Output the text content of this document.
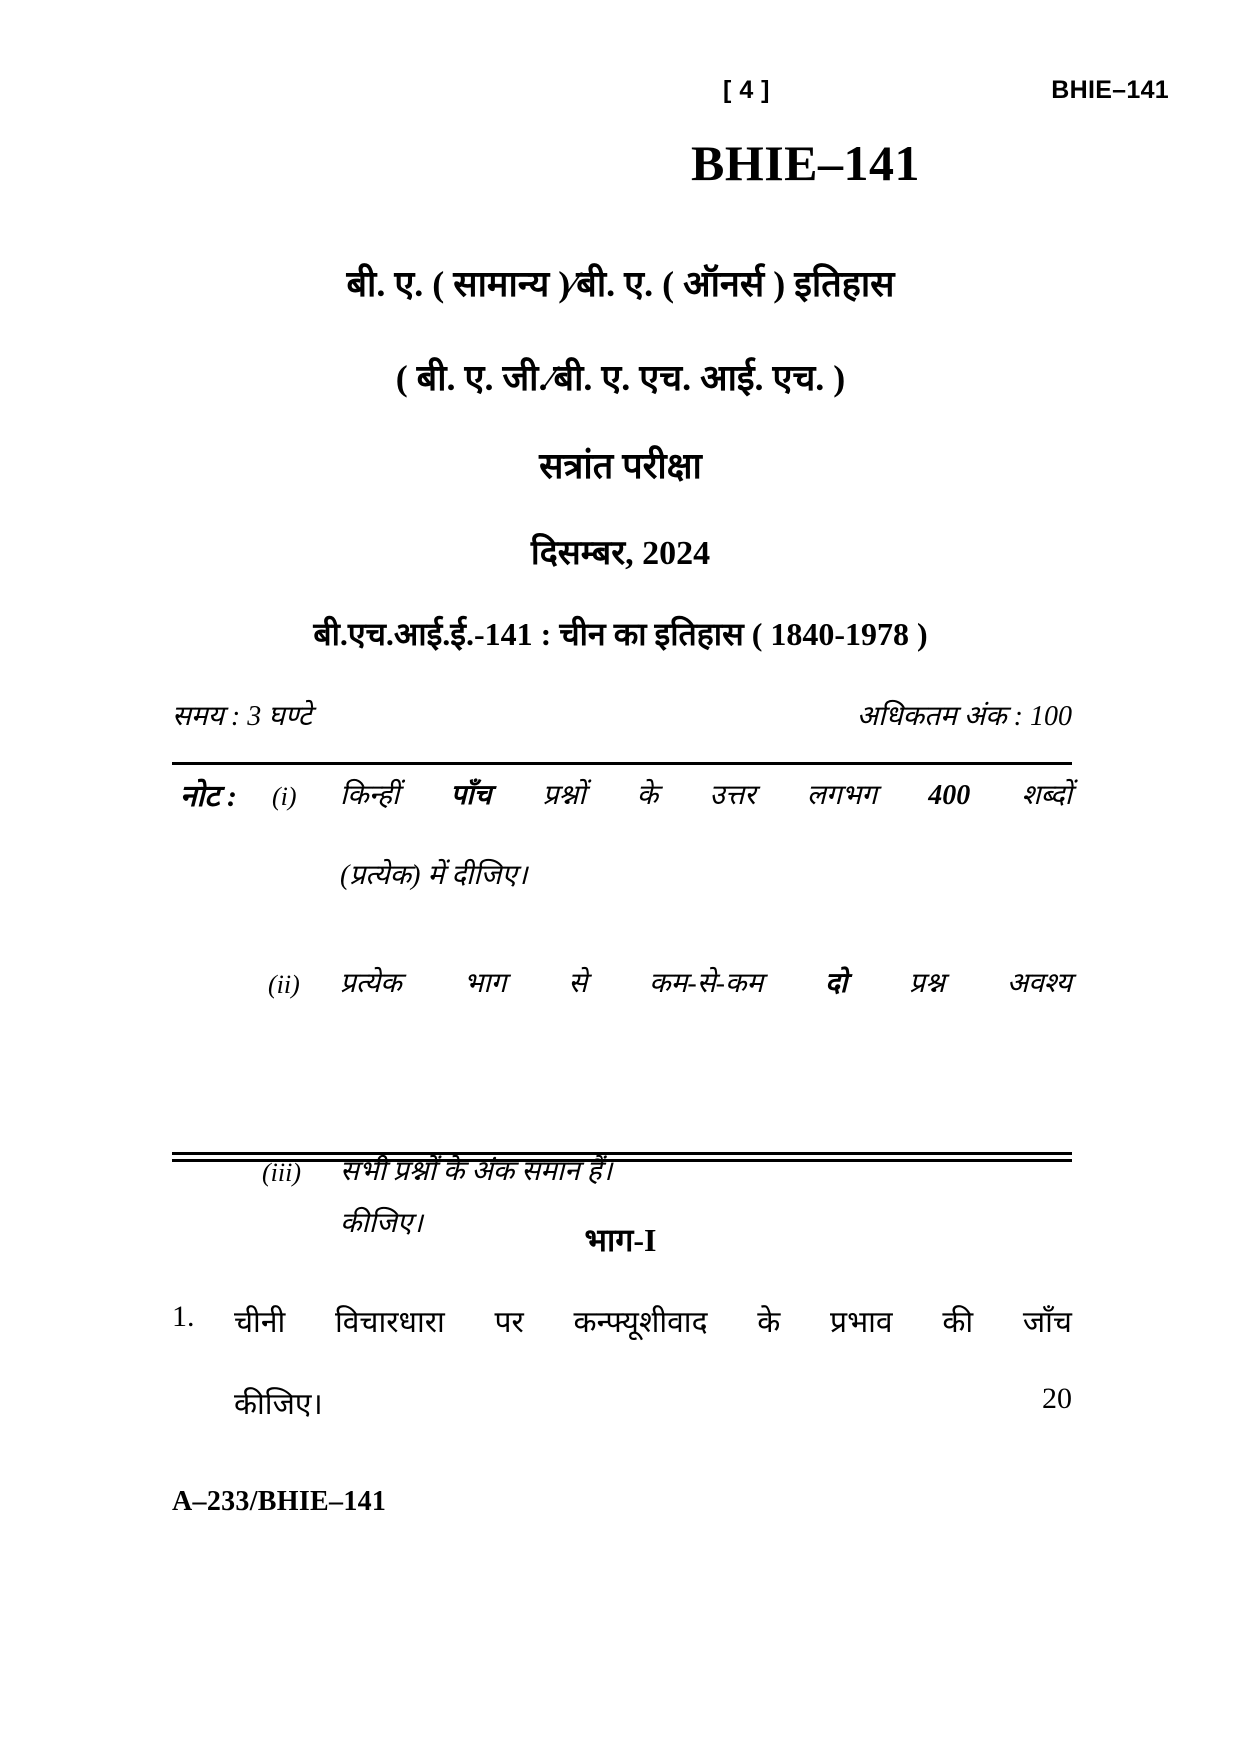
[ 4 ]	BHIE–141
BHIE–141
बी. ए. ( सामान्य )∕बी. ए. ( ऑनर्स ) इतिहास
( बी. ए. जी.∕बी. ए. एच. आई. एच. )
सत्रांत परीक्षा
दिसम्बर, 2024
बी.एच.आई.ई.-141 : चीन का इतिहास ( 1840-1978 )
समय : 3 घण्टे	अधिकतम अंक : 100
नोट : (i) किन्हीं पाँच प्रश्नों के उत्तर लगभग 400 शब्दों
(प्रत्येक) में दीजिए।
(ii) प्रत्येक भाग से कम-से-कम दो प्रश्न अवश्य
कीजिए।
(iii) सभी प्रश्नों के अंक समान हैं।
भाग-I
1. चीनी विचारधारा पर कन्फ्यूशीवाद के प्रभाव की जाँच
कीजिए।	20
A–233/BHIE–141
